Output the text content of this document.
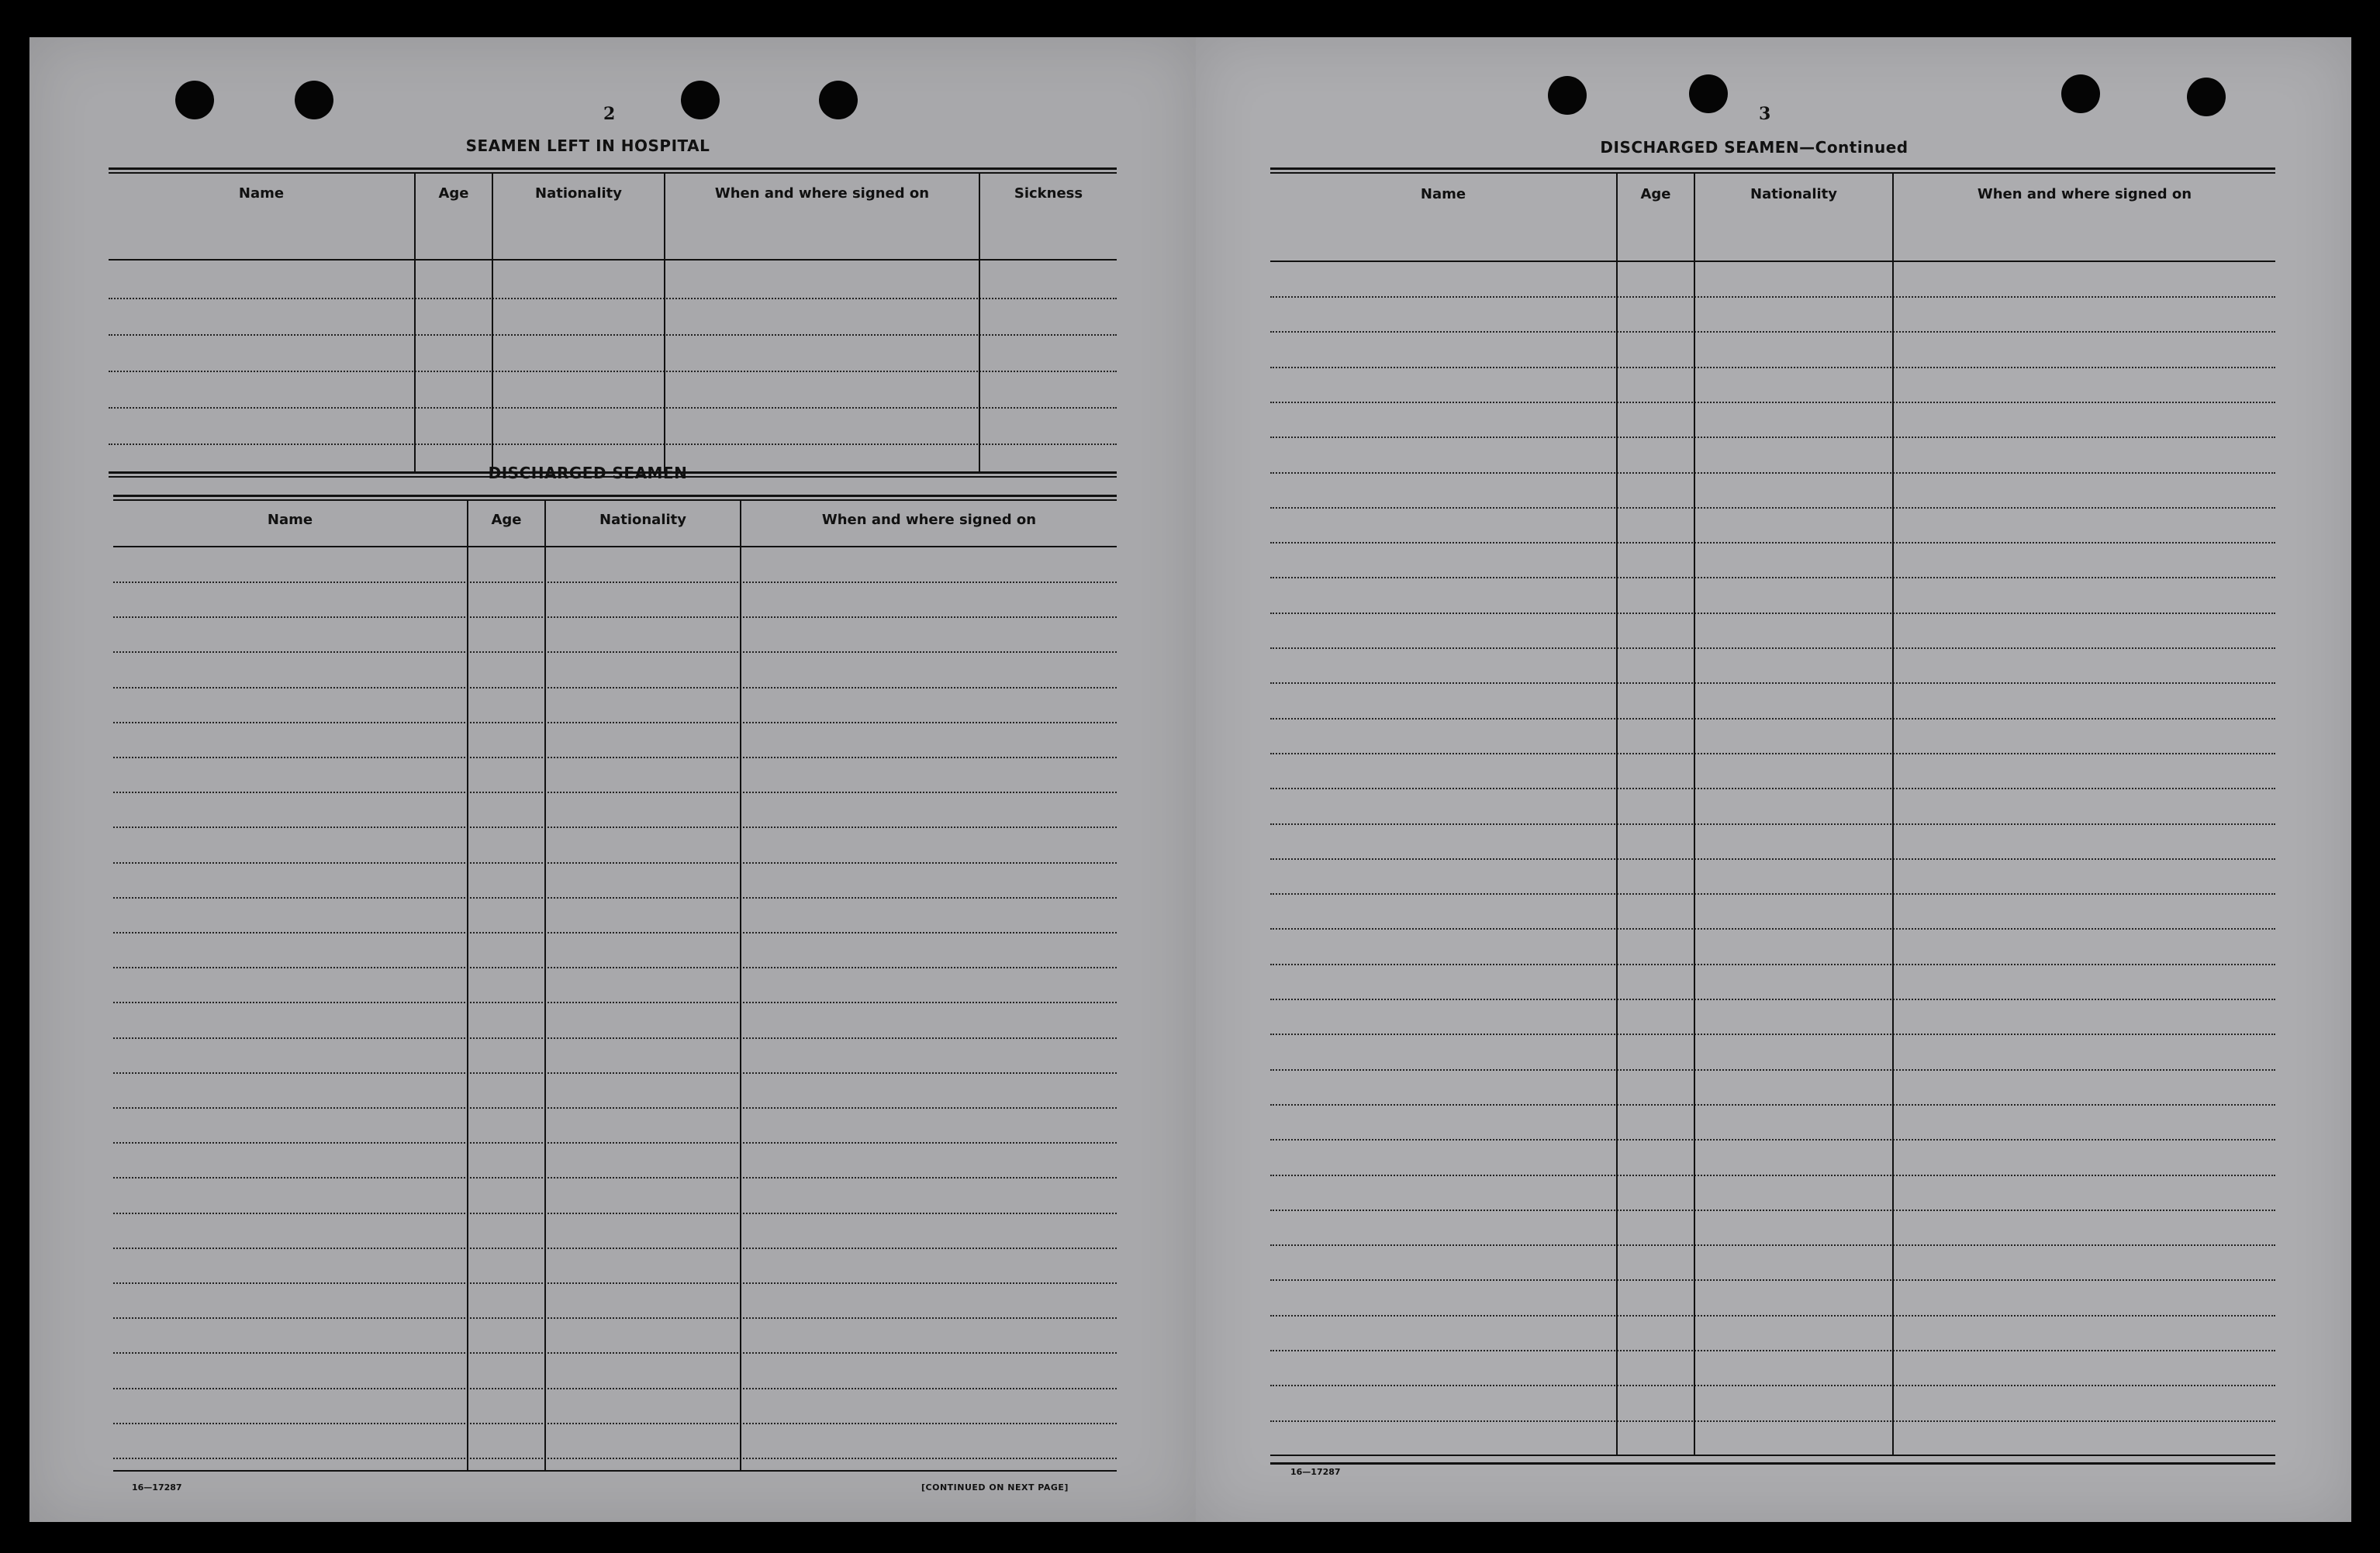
2
SEAMEN LEFT IN HOSPITAL
Name	Age	Nationality	When and where signed on	Sickness
DISCHARGED SEAMEN
Name	Age	Nationality	When and where signed on
16—17287	[CONTINUED ON NEXT PAGE]
3
DISCHARGED SEAMEN—Continued
Name	Age	Nationality	When and where signed on
16—17287
